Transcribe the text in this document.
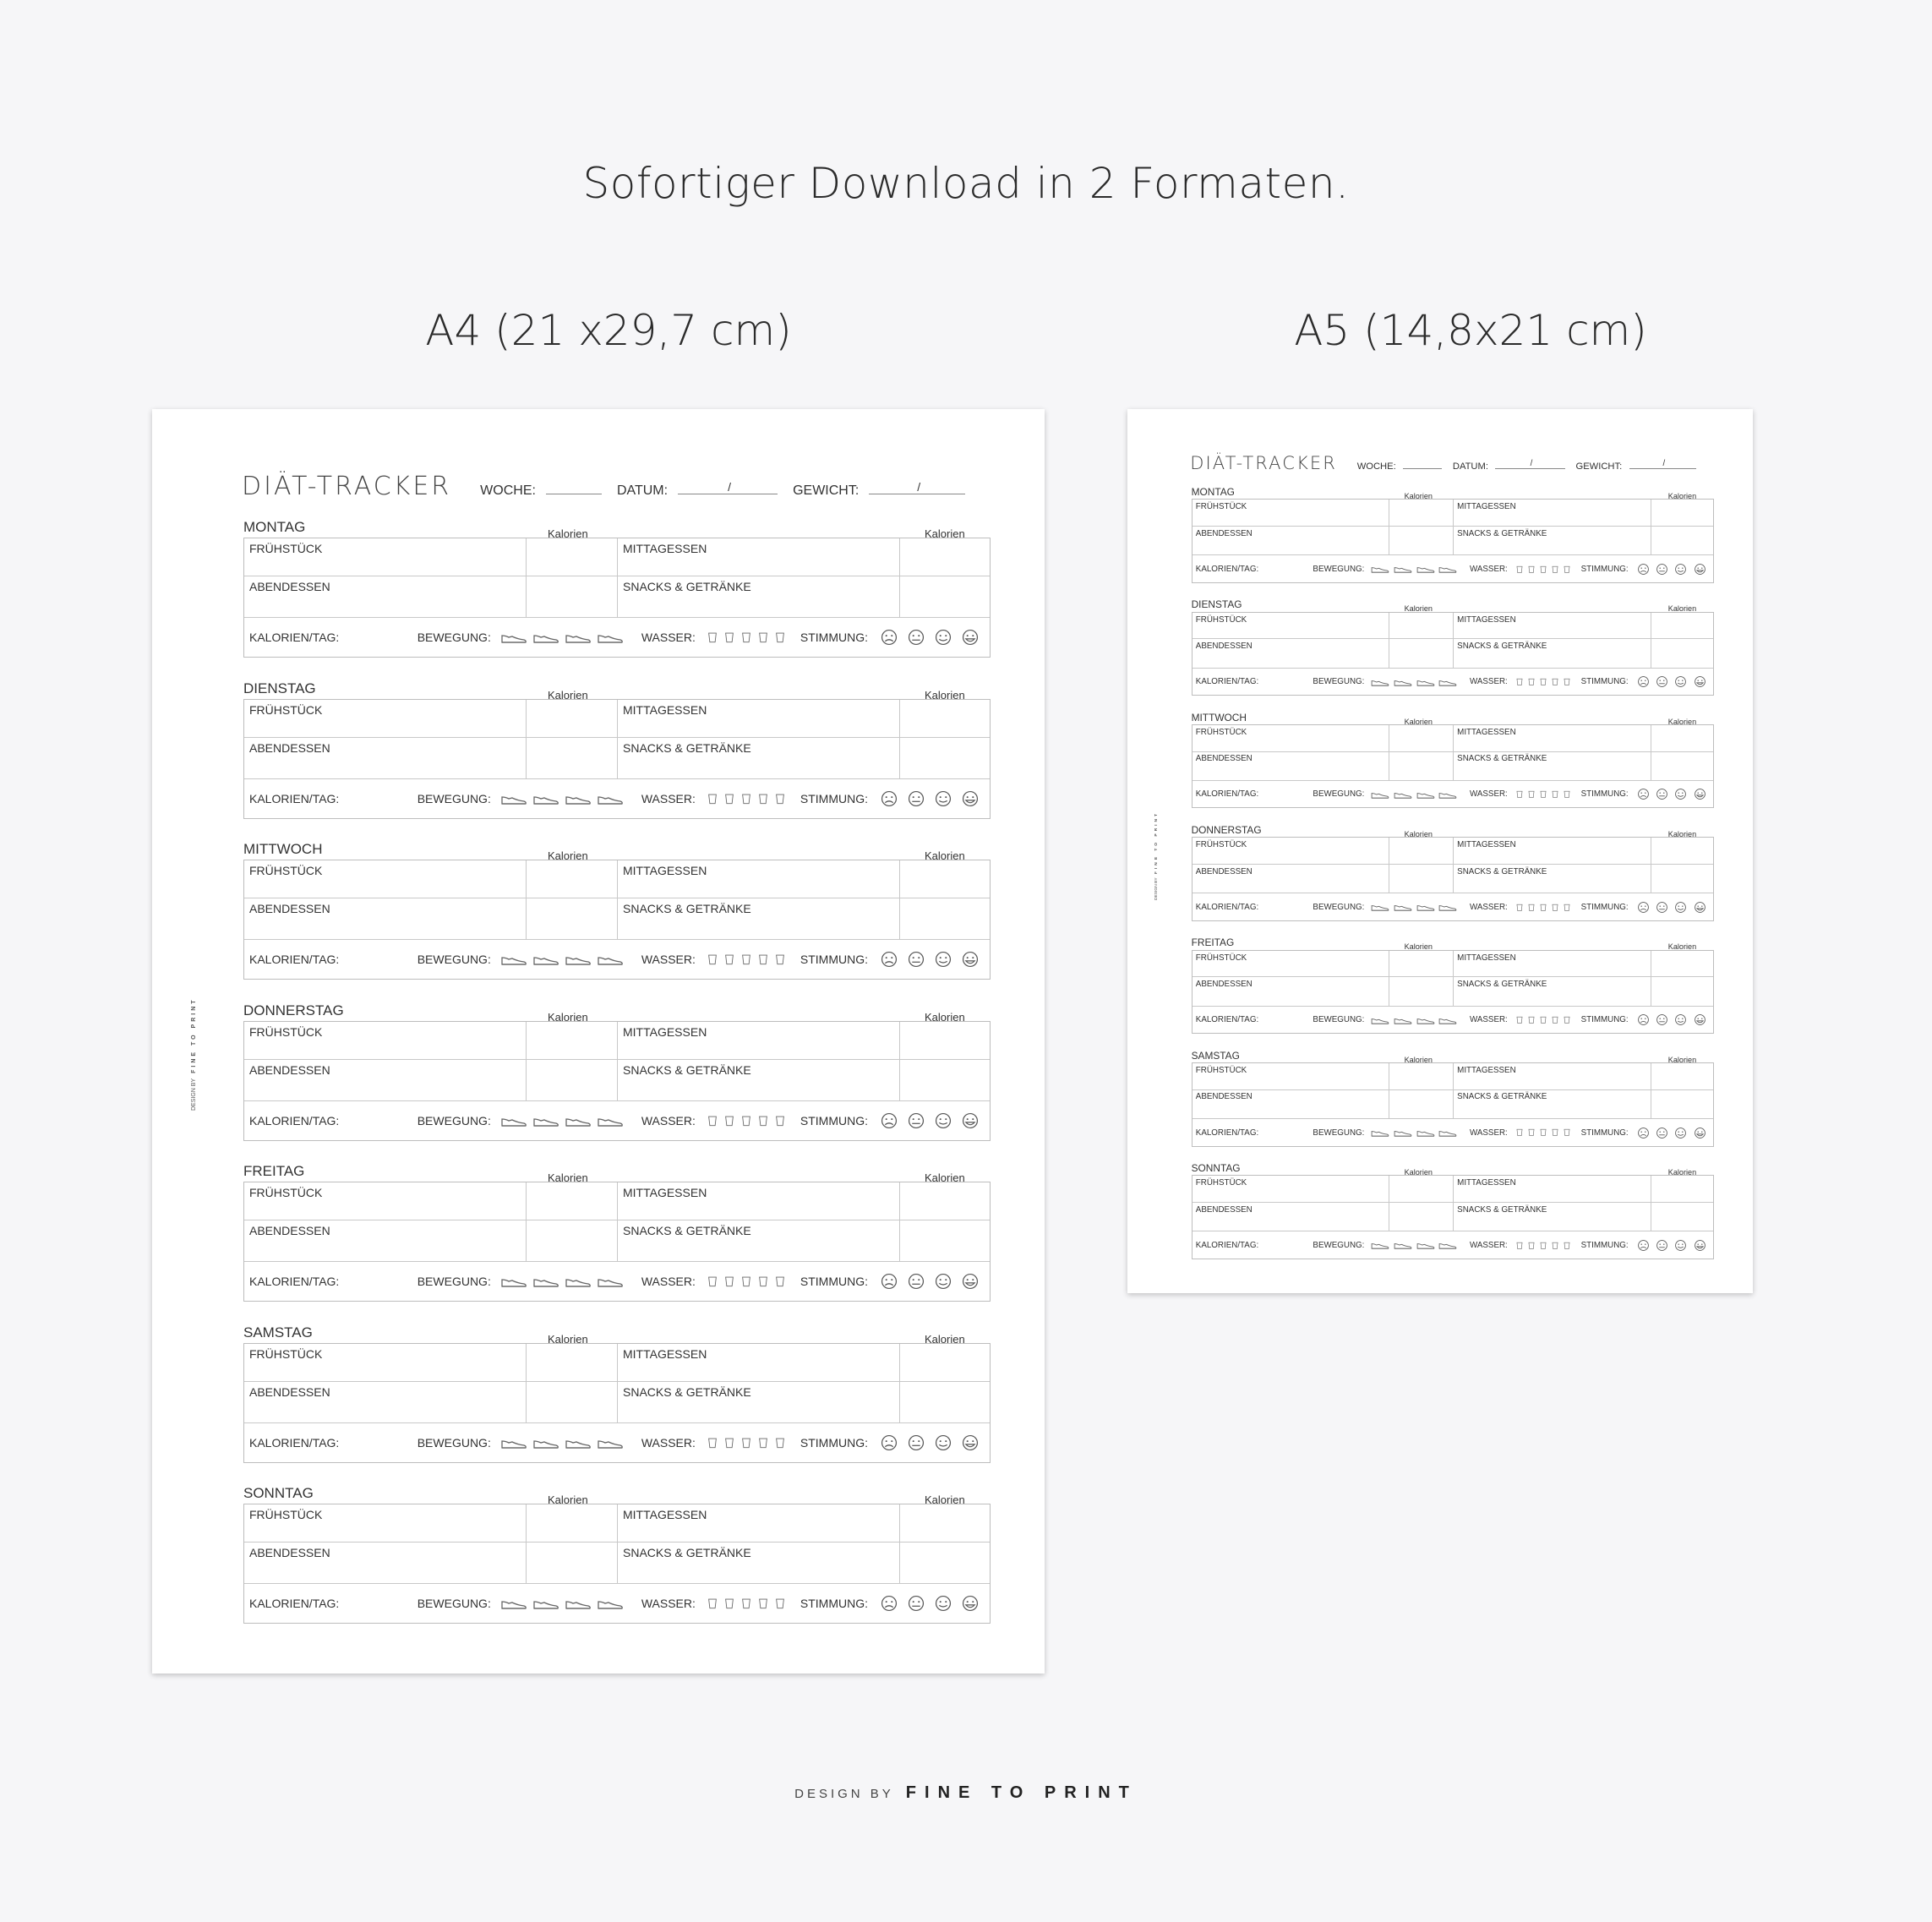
Sofortiger Download in 2 Formaten.
A4 (21 x29,7 cm)	A5 (14,8x21 cm)
DESIGN BYFINE TO PRINT
DIÄT-TRACKER WOCHE:	DATUM:	/	GEWICHT:	/
MONTAG	Kalorien	Kalorien
FRÜHSTÜCK	MITTAGESSEN
ABENDESSEN	SNACKS & GETRÄNKE
KALORIEN/TAG:	BEWEGUNG:	WASSER:	STIMMUNG:
DIENSTAG	Kalorien	Kalorien
FRÜHSTÜCK	MITTAGESSEN
ABENDESSEN	SNACKS & GETRÄNKE
KALORIEN/TAG:	BEWEGUNG:	WASSER:	STIMMUNG:
MITTWOCH	Kalorien	Kalorien
FRÜHSTÜCK	MITTAGESSEN
ABENDESSEN	SNACKS & GETRÄNKE
KALORIEN/TAG:	BEWEGUNG:	WASSER:	STIMMUNG:
DONNERSTAG	Kalorien	Kalorien
FRÜHSTÜCK	MITTAGESSEN
ABENDESSEN	SNACKS & GETRÄNKE
KALORIEN/TAG:	BEWEGUNG:	WASSER:	STIMMUNG:
FREITAG	Kalorien	Kalorien
FRÜHSTÜCK	MITTAGESSEN
ABENDESSEN	SNACKS & GETRÄNKE
KALORIEN/TAG:	BEWEGUNG:	WASSER:	STIMMUNG:
SAMSTAG	Kalorien	Kalorien
FRÜHSTÜCK	MITTAGESSEN
ABENDESSEN	SNACKS & GETRÄNKE
KALORIEN/TAG:	BEWEGUNG:	WASSER:	STIMMUNG:
SONNTAG	Kalorien	Kalorien
FRÜHSTÜCK	MITTAGESSEN
ABENDESSEN	SNACKS & GETRÄNKE
KALORIEN/TAG:	BEWEGUNG:	WASSER:	STIMMUNG:
DESIGN BYFINE TO PRINT
DIÄT-TRACKER WOCHE:	DATUM:	/	GEWICHT:	/
MONTAG	Kalorien	Kalorien
FRÜHSTÜCK	MITTAGESSEN
ABENDESSEN	SNACKS & GETRÄNKE
KALORIEN/TAG:	BEWEGUNG:	WASSER:	STIMMUNG:
DIENSTAG	Kalorien	Kalorien
FRÜHSTÜCK	MITTAGESSEN
ABENDESSEN	SNACKS & GETRÄNKE
KALORIEN/TAG:	BEWEGUNG:	WASSER:	STIMMUNG:
MITTWOCH	Kalorien	Kalorien
FRÜHSTÜCK	MITTAGESSEN
ABENDESSEN	SNACKS & GETRÄNKE
KALORIEN/TAG:	BEWEGUNG:	WASSER:	STIMMUNG:
DONNERSTAG	Kalorien	Kalorien
FRÜHSTÜCK	MITTAGESSEN
ABENDESSEN	SNACKS & GETRÄNKE
KALORIEN/TAG:	BEWEGUNG:	WASSER:	STIMMUNG:
FREITAG	Kalorien	Kalorien
FRÜHSTÜCK	MITTAGESSEN
ABENDESSEN	SNACKS & GETRÄNKE
KALORIEN/TAG:	BEWEGUNG:	WASSER:	STIMMUNG:
SAMSTAG	Kalorien	Kalorien
FRÜHSTÜCK	MITTAGESSEN
ABENDESSEN	SNACKS & GETRÄNKE
KALORIEN/TAG:	BEWEGUNG:	WASSER:	STIMMUNG:
SONNTAG	Kalorien	Kalorien
FRÜHSTÜCK	MITTAGESSEN
ABENDESSEN	SNACKS & GETRÄNKE
KALORIEN/TAG:	BEWEGUNG:	WASSER:	STIMMUNG:
DESIGN BY FINE TO PRINT
